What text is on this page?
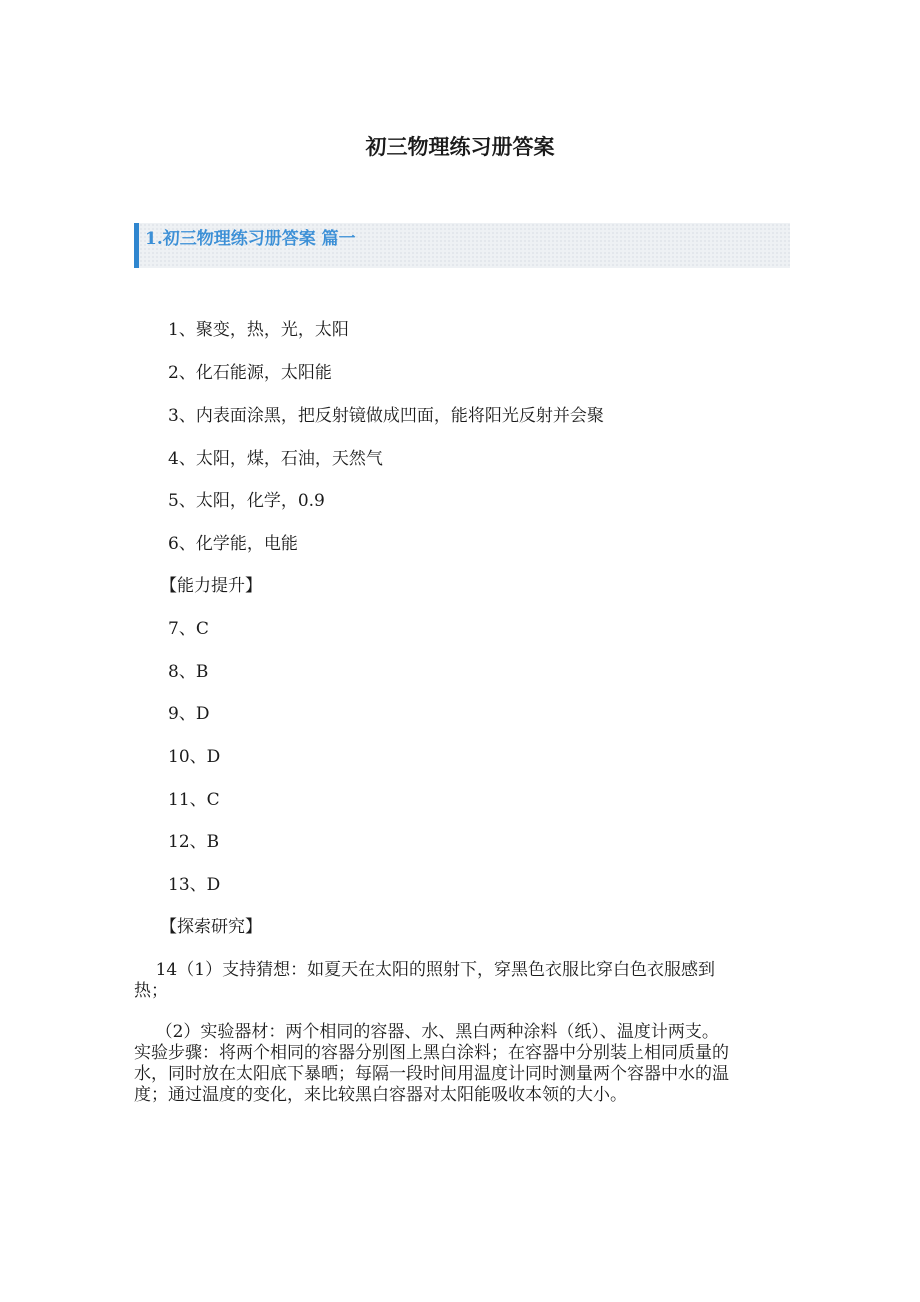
初三物理练习册答案
1.初三物理练习册答案 篇一

1、聚变，热，光，太阳

2、化石能源，太阳能

3、内表面涂黑，把反射镜做成凹面，能将阳光反射并会聚

4、太阳，煤，石油，天然气

5、太阳，化学，0.9

6、化学能，电能

【能力提升】

7、C

8、B

9、D

10、D

11、C

12、B

13、D

【探索研究】

14（1）支持猜想：如夏天在太阳的照射下，穿黑色衣服比穿白色衣服感到
热；
（2）实验器材：两个相同的容器、水、黑白两种涂料（纸）、温度计两支。
实验步骤：将两个相同的容器分别图上黑白涂料；在容器中分别装上相同质量的
水，同时放在太阳底下暴晒；每隔一段时间用温度计同时测量两个容器中水的温
度；通过温度的变化，来比较黑白容器对太阳能吸收本领的大小。
